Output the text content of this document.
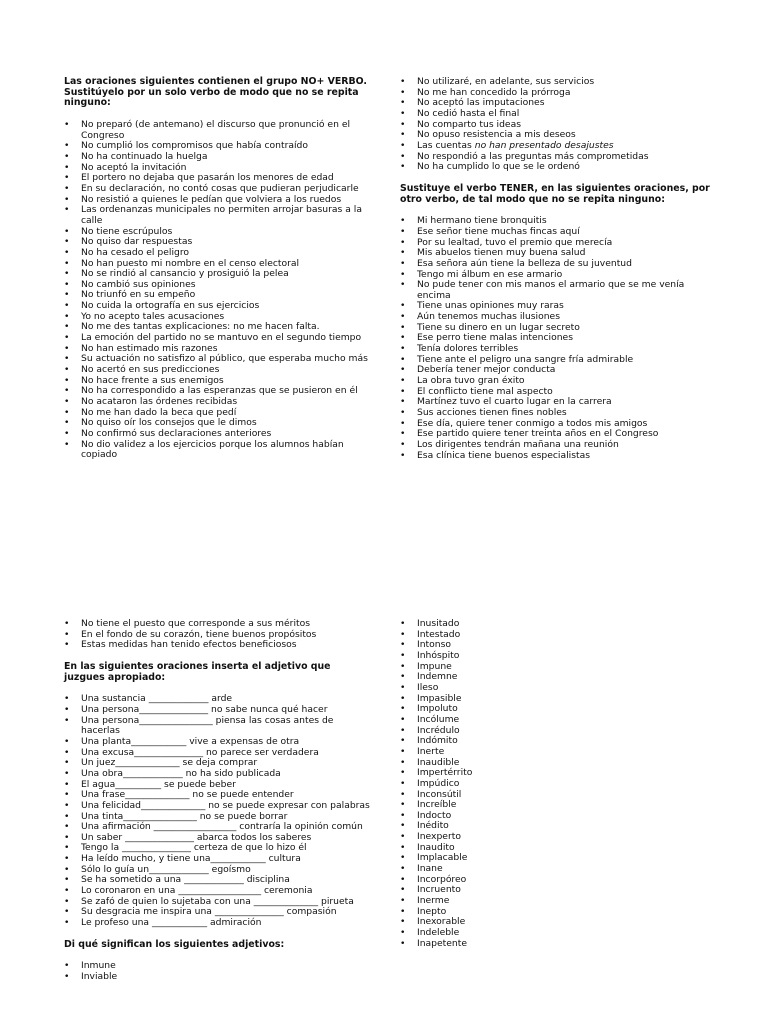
Las oraciones siguientes contienen el grupo NO+ VERBO. Sustitúyelo por un solo verbo de modo que no se repita ninguno:
• No preparó (de antemano) el discurso que pronunció en el Congreso
• No cumplió los compromisos que había contraído
• No ha continuado la huelga
• No aceptó la invitación
• El portero no dejaba que pasarán los menores de edad
• En su declaración, no contó cosas que pudieran perjudicarle
• No resistió a quienes le pedían que volviera a los ruedos
• Las ordenanzas municipales no permiten arrojar basuras a la calle
• No tiene escrúpulos
• No quiso dar respuestas
• No ha cesado el peligro
• No han puesto mi nombre en el censo electoral
• No se rindió al cansancio y prosiguió la pelea
• No cambió sus opiniones
• No triunfó en su empeño
• No cuida la ortografía en sus ejercicios
• Yo no acepto tales acusaciones
• No me des tantas explicaciones: no me hacen falta.
• La emoción del partido no se mantuvo en el segundo tiempo
• No han estimado mis razones
• Su actuación no satisfizo al público, que esperaba mucho más
• No acertó en sus predicciones
• No hace frente a sus enemigos
• No ha correspondido a las esperanzas que se pusieron en él
• No acataron las órdenes recibidas
• No me han dado la beca que pedí
• No quiso oír los consejos que le dimos
• No confirmó sus declaraciones anteriores
• No dio validez a los ejercicios porque los alumnos habían copiado
• No utilizaré, en adelante, sus servicios
• No me han concedido la prórroga
• No aceptó las imputaciones
• No cedió hasta el final
• No comparto tus ideas
• No opuso resistencia a mis deseos
• Las cuentas no han presentado desajustes
• No respondió a las preguntas más comprometidas
• No ha cumplido lo que se le ordenó
Sustituye el verbo TENER, en las siguientes oraciones, por otro verbo, de tal modo que no se repita ninguno:
• Mi hermano tiene bronquitis
• Ese señor tiene muchas fincas aquí
• Por su lealtad, tuvo el premio que merecía
• Mis abuelos tienen muy buena salud
• Esa señora aún tiene la belleza de su juventud
• Tengo mi álbum en ese armario
• No pude tener con mis manos el armario que se me venía encima
• Tiene unas opiniones muy raras
• Aún tenemos muchas ilusiones
• Tiene su dinero en un lugar secreto
• Ese perro tiene malas intenciones
• Tenía dolores terribles
• Tiene ante el peligro una sangre fría admirable
• Debería tener mejor conducta
• La obra tuvo gran éxito
• El conflicto tiene mal aspecto
• Martínez tuvo el cuarto lugar en la carrera
• Sus acciones tienen fines nobles
• Ese día, quiere tener conmigo a todos mis amigos
• Ese partido quiere tener treinta años en el Congreso
• Los dirigentes tendrán mañana una reunión
• Esa clínica tiene buenos especialistas
• No tiene el puesto que corresponde a sus méritos
• En el fondo de su corazón, tiene buenos propósitos
• Estas medidas han tenido efectos beneficiosos
En las siguientes oraciones inserta el adjetivo que juzgues apropiado:
• Una sustancia _____________ arde
• Una persona_______________ no sabe nunca qué hacer
• Una persona________________ piensa las cosas antes de hacerlas
• Una planta____________ vive a expensas de otra
• Una excusa_______________ no parece ser verdadera
• Un juez______________ se deja comprar
• Una obra_____________ no ha sido publicada
• El agua__________ se puede beber
• Una frase______________ no se puede entender
• Una felicidad______________ no se puede expresar con palabras
• Una tinta________________ no se puede borrar
• Una afirmación __________________ contraría la opinión común
• Un saber _______________ abarca todos los saberes
• Tengo la _______________ certeza de que lo hizo él
• Ha leído mucho, y tiene una____________ cultura
• Sólo lo guía un_____________ egoísmo
• Se ha sometido a una _____________ disciplina
• Lo coronaron en una __________________ ceremonia
• Se zafó de quien lo sujetaba con una ______________ pirueta
• Su desgracia me inspira una _______________ compasión
• Le profeso una ____________ admiración
Di qué significan los siguientes adjetivos:
• Inmune
• Inviable
• Inusitado
• Intestado
• Intonso
• Inhóspito
• Impune
• Indemne
• Ileso
• Impasible
• Impoluto
• Incólume
• Incrédulo
• Indómito
• Inerte
• Inaudible
• Impertérrito
• Impúdico
• Inconsútil
• Increíble
• Indocto
• Inédito
• Inexperto
• Inaudito
• Implacable
• Inane
• Incorpóreo
• Incruento
• Inerme
• Inepto
• Inexorable
• Indeleble
• Inapetente
